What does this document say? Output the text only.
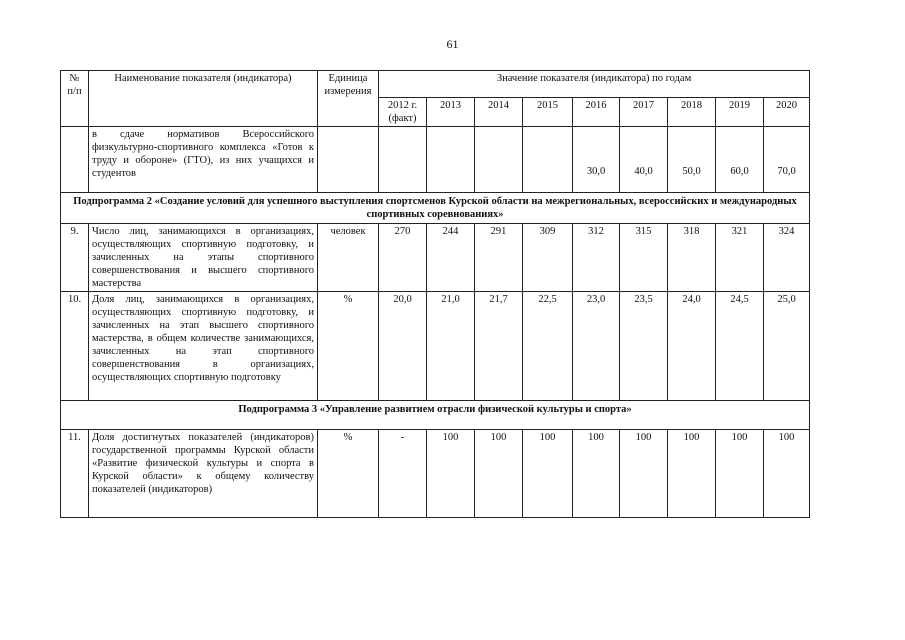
61
№ п/п	Наименование показателя (индикатора)	Единица измерения	Значение показателя (индикатора) по годам								
			2012 г. (факт)	2013	2014	2015	2016	2017	2018	2019	2020
	в сдаче нормативов Всероссийского физкультурно-спортивного комплекса «Готов к труду и обороне» (ГТО), из них учащихся и студентов						30,0	40,0	50,0	60,0	70,0
Подпрограмма 2 «Создание условий для успешного выступления спортсменов Курской области на межрегиональных, всероссийских и международных спортивных соревнованиях»											
9.	Число лиц, занимающихся в организациях, осуществляющих спортивную подготовку, и зачисленных на этапы спортивного совершенствования и высшего спортивного мастерства	человек	270	244	291	309	312	315	318	321	324
10.	Доля лиц, занимающихся в организациях, осуществляющих спортивную подготовку, и зачисленных на этап высшего спортивного мастерства, в общем количестве занимающихся, зачисленных на этап спортивного совершенствования в организациях, осуществляющих спортивную подготовку	%	20,0	21,0	21,7	22,5	23,0	23,5	24,0	24,5	25,0
Подпрограмма 3 «Управление развитием отрасли физической культуры и спорта»											
11.	Доля достигнутых показателей (индикаторов) государственной программы Курской области «Развитие физической культуры и спорта в Курской области» к общему количеству показателей (индикаторов)	%	-	100	100	100	100	100	100	100	100
